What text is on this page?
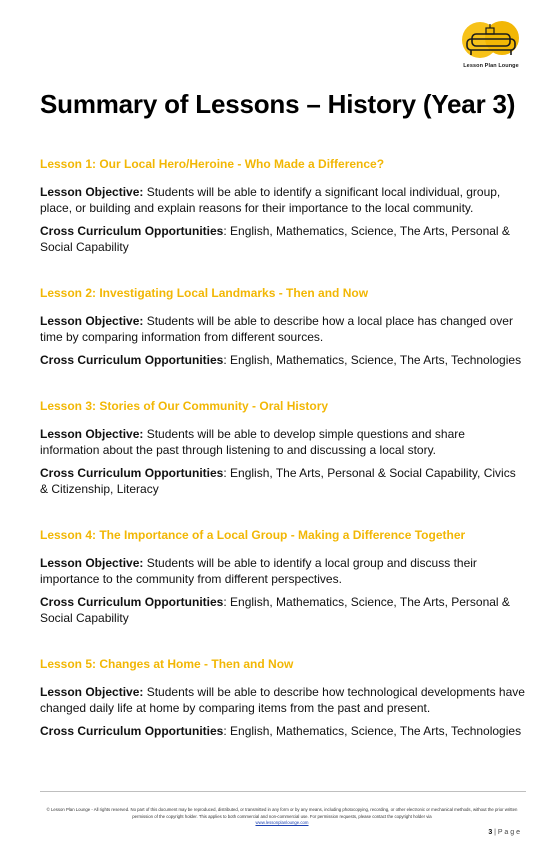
Lesson Plan Lounge
Summary of Lessons – History (Year 3)
Lesson 1: Our Local Hero/Heroine - Who Made a Difference?

Lesson Objective: Students will be able to identify a significant local individual, group, place, or building and explain reasons for their importance to the local community.

Cross Curriculum Opportunities: English, Mathematics, Science, The Arts, Personal & Social Capability

Lesson 2: Investigating Local Landmarks - Then and Now

Lesson Objective: Students will be able to describe how a local place has changed over time by comparing information from different sources.

Cross Curriculum Opportunities: English, Mathematics, Science, The Arts, Technologies

Lesson 3: Stories of Our Community - Oral History

Lesson Objective: Students will be able to develop simple questions and share information about the past through listening to and discussing a local story.

Cross Curriculum Opportunities: English, The Arts, Personal & Social Capability, Civics & Citizenship, Literacy

Lesson 4: The Importance of a Local Group - Making a Difference Together

Lesson Objective: Students will be able to identify a local group and discuss their importance to the community from different perspectives.

Cross Curriculum Opportunities: English, Mathematics, Science, The Arts, Personal & Social Capability

Lesson 5: Changes at Home - Then and Now

Lesson Objective: Students will be able to describe how technological developments have changed daily life at home by comparing items from the past and present.

Cross Curriculum Opportunities: English, Mathematics, Science, The Arts, Technologies

© Lesson Plan Lounge - All rights reserved. No part of this document may be reproduced, distributed, or transmitted in any form or by any means, including photocopying, recording, or other electronic or mechanical methods, without the prior written permission of the copyright holder. This applies to both commercial and non-commercial use. For permission requests, please contact the copyright holder via
www.lessonplanlounge.com
3 | P a g e
